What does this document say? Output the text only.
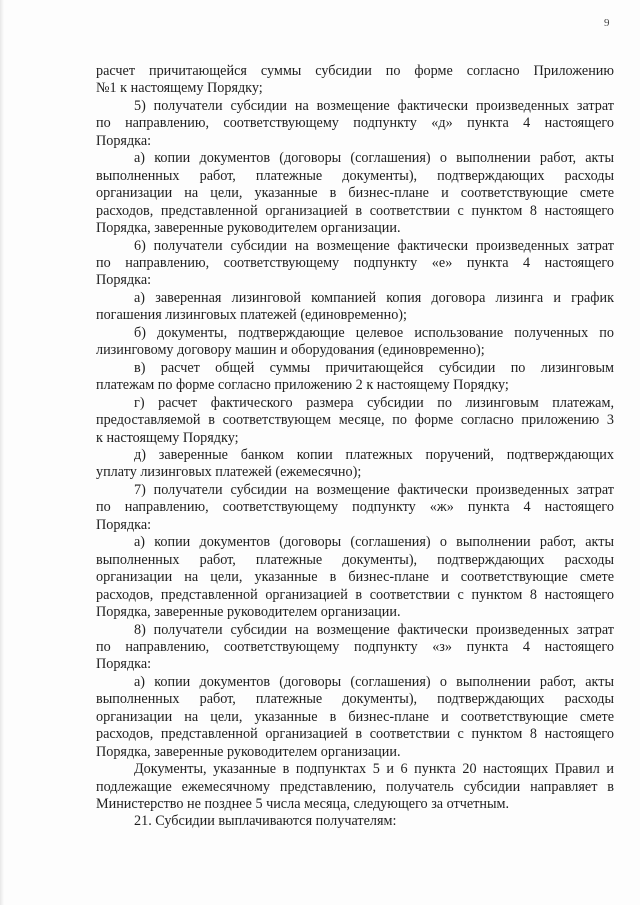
9
расчет причитающейся суммы субсидии по форме согласно Приложению
№1 к настоящему Порядку;
5) получатели субсидии на возмещение фактически произведенных затрат
по направлению, соответствующему подпункту «д» пункта 4 настоящего
Порядка:
а) копии документов (договоры (соглашения) о выполнении работ, акты
выполненных работ, платежные документы), подтверждающих расходы
организации на цели, указанные в бизнес-плане и соответствующие смете
расходов, представленной организацией в соответствии с пунктом 8 настоящего
Порядка, заверенные руководителем организации.
6) получатели субсидии на возмещение фактически произведенных затрат
по направлению, соответствующему подпункту «е» пункта 4 настоящего
Порядка:
а) заверенная лизинговой компанией копия договора лизинга и график
погашения лизинговых платежей (единовременно);
б) документы, подтверждающие целевое использование полученных по
лизинговому договору машин и оборудования (единовременно);
в) расчет общей суммы причитающейся субсидии по лизинговым
платежам по форме согласно приложению 2 к настоящему Порядку;
г) расчет фактического размера субсидии по лизинговым платежам,
предоставляемой в соответствующем месяце, по форме согласно приложению 3
к настоящему Порядку;
д) заверенные банком копии платежных поручений, подтверждающих
уплату лизинговых платежей (ежемесячно);
7) получатели субсидии на возмещение фактически произведенных затрат
по направлению, соответствующему подпункту «ж» пункта 4 настоящего
Порядка:
а) копии документов (договоры (соглашения) о выполнении работ, акты
выполненных работ, платежные документы), подтверждающих расходы
организации на цели, указанные в бизнес-плане и соответствующие смете
расходов, представленной организацией в соответствии с пунктом 8 настоящего
Порядка, заверенные руководителем организации.
8) получатели субсидии на возмещение фактически произведенных затрат
по направлению, соответствующему подпункту «з» пункта 4 настоящего
Порядка:
а) копии документов (договоры (соглашения) о выполнении работ, акты
выполненных работ, платежные документы), подтверждающих расходы
организации на цели, указанные в бизнес-плане и соответствующие смете
расходов, представленной организацией в соответствии с пунктом 8 настоящего
Порядка, заверенные руководителем организации.
Документы, указанные в подпунктах 5 и 6 пункта 20 настоящих Правил и
подлежащие ежемесячному представлению, получатель субсидии направляет в
Министерство не позднее 5 числа месяца, следующего за отчетным.
21. Субсидии выплачиваются получателям:
